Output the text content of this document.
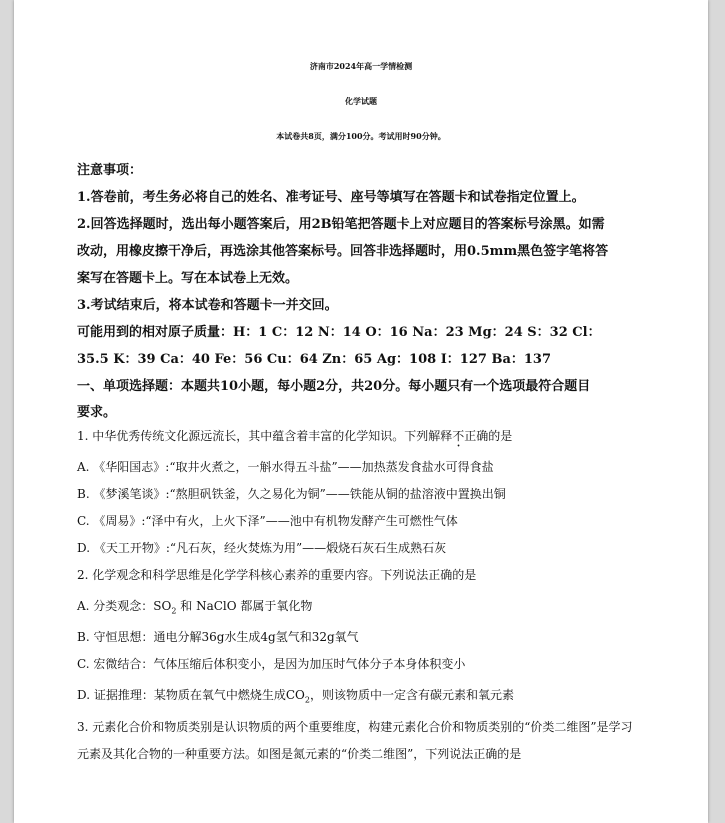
济南市2024年高一学情检测
化学试题
本试卷共8页，满分100分。考试用时90分钟。
注意事项：
1.答卷前，考生务必将自己的姓名、准考证号、座号等填写在答题卡和试卷指定位置上。
2.回答选择题时，选出每小题答案后，用2B铅笔把答题卡上对应题目的答案标号涂黑。如需
改动，用橡皮擦干净后，再选涂其他答案标号。回答非选择题时，用0.5mm黑色签字笔将答
案写在答题卡上。写在本试卷上无效。
3.考试结束后，将本试卷和答题卡一并交回。
可能用到的相对原子质量：H：1 C：12 N：14 O：16 Na：23 Mg：24 S：32 Cl：
35.5 K：39 Ca：40 Fe：56 Cu：64 Zn：65 Ag：108 I：127 Ba：137
一、单项选择题：本题共10小题，每小题2分，共20分。每小题只有一个选项最符合题目
要求。
1. 中华优秀传统文化源远流长，其中蕴含着丰富的化学知识。下列解释不正确的是
A. 《华阳国志》:“取井火煮之，一斛水得五斗盐”——加热蒸发食盐水可得食盐
B. 《梦溪笔谈》:“熬胆矾铁釜，久之易化为铜”——铁能从铜的盐溶液中置换出铜
C. 《周易》:“泽中有火，上火下泽”——池中有机物发酵产生可燃性气体
D. 《天工开物》:“凡石灰，经火焚炼为用”——煅烧石灰石生成熟石灰
2. 化学观念和科学思维是化学学科核心素养的重要内容。下列说法正确的是
A. 分类观念：$SO_2$ 和 NaClO 都属于氧化物
B. 守恒思想：通电分解36g水生成4g氢气和32g氧气
C. 宏微结合：气体压缩后体积变小，是因为加压时气体分子本身体积变小
D. 证据推理：某物质在氧气中燃烧生成$CO_2$，则该物质中一定含有碳元素和氧元素
3. 元素化合价和物质类别是认识物质的两个重要维度，构建元素化合价和物质类别的“价类二维图”是学习
元素及其化合物的一种重要方法。如图是氮元素的“价类二维图”，下列说法正确的是
